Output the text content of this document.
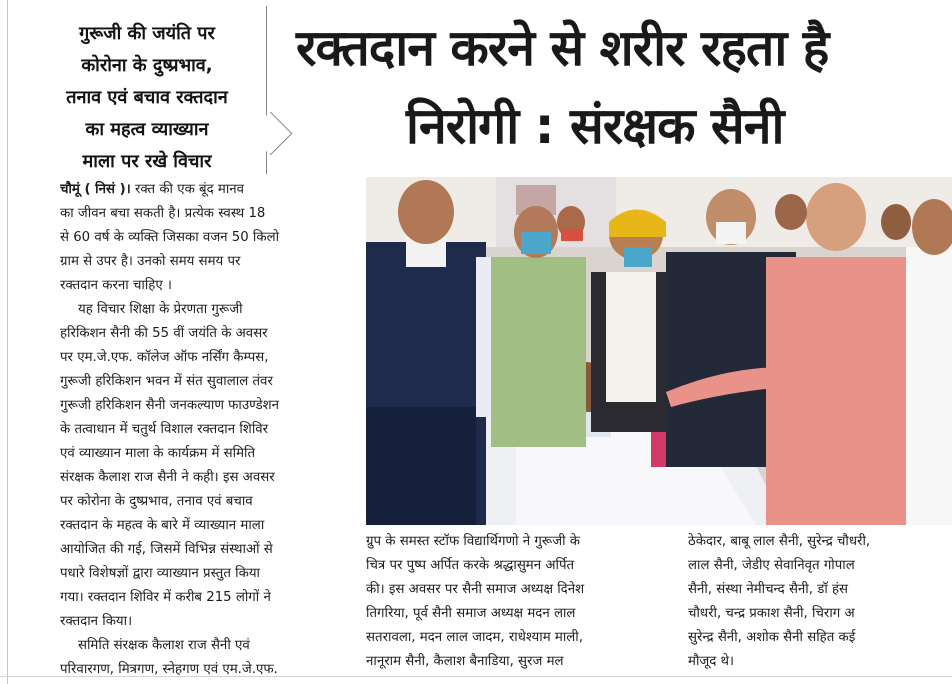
गुरूजी की जयंति पर
कोरोना के दुष्प्रभाव,
तनाव एवं बचाव रक्तदान
का महत्व व्याख्यान
माला पर रखे विचार
रक्तदान करने से शरीर रहता है
निरोगी : संरक्षक सैनी
चौमूं ( निसं )। रक्त की एक बूंद मानव
का जीवन बचा सकती है। प्रत्येक स्वस्थ 18
से 60 वर्ष के व्यक्ति जिसका वजन 50 किलो
ग्राम से उपर है। उनको समय समय पर
रक्तदान करना चाहिए ।
यह विचार शिक्षा के प्रेरणता गुरूजी
हरिकिशन सैनी की 55 वीं जयंति के अवसर
पर एम.जे.एफ. कॉलेज ऑफ नर्सिंग कैम्पस,
गुरूजी हरिकिशन भवन में संत सुवालाल तंवर
गुरूजी हरिकिशन सैनी जनकल्याण फाउण्डेशन
के तत्वाधान में चतुर्थ विशाल रक्तदान शिविर
एवं व्याख्यान माला के कार्यक्रम में समिति
संरक्षक कैलाश राज सैनी ने कही। इस अवसर
पर कोरोना के दुष्प्रभाव, तनाव एवं बचाव
रक्तदान के महत्व के बारे में व्याख्यान माला
आयोजित की गई, जिसमें विभिन्न संस्थाओं से
पधारे विशेषज्ञों द्वारा व्याख्यान प्रस्तुत किया
गया। रक्तदान शिविर में करीब 215 लोगों ने
रक्तदान किया।
समिति संरक्षक कैलाश राज सैनी एवं
परिवारगण, मित्रगण, स्नेहगण एवं एम.जे.एफ.
ग्रुप के समस्त स्टॉफ विद्यार्थिगणो ने गुरूजी के
चित्र पर पुष्प अर्पित करके श्रद्धासुमन अर्पित
की। इस अवसर पर सैनी समाज अध्यक्ष दिनेश
तिगरिया, पूर्व सैनी समाज अध्यक्ष मदन लाल
सतरावला, मदन लाल जादम, राधेश्याम माली,
नानूराम सैनी, कैलाश बैनाडिया, सुरज मल
ठेकेदार, बाबू लाल सैनी, सुरेन्द्र चौधरी,
लाल सैनी, जेडीए सेवानिवृत गोपाल
सैनी, संस्था नेमीचन्द सैनी, डॉ हंस
चौधरी, चन्द्र प्रकाश सैनी, चिराग अ
सुरेन्द्र सैनी, अशोक सैनी सहित कई
मौजूद थे।
